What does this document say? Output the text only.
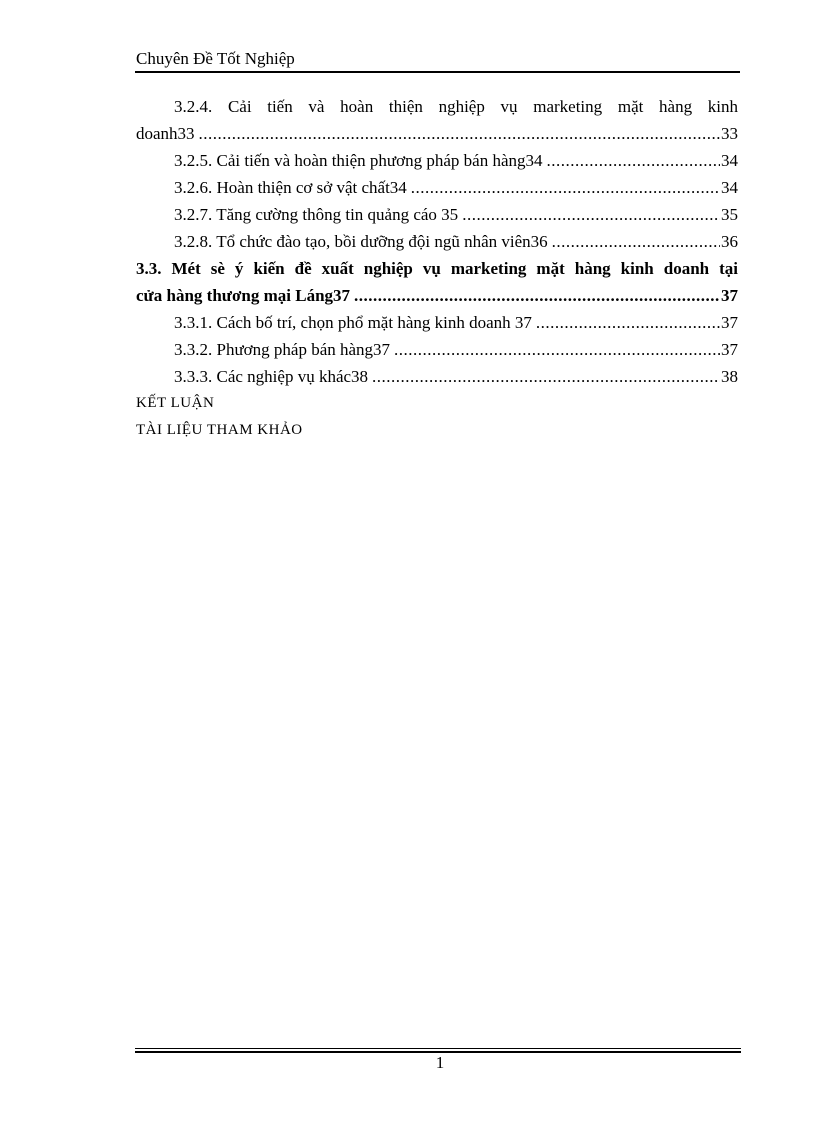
Chuyên Đề Tốt Nghiệp
3.2.4. Cải tiến và hoàn thiện nghiệp vụ marketing mặt hàng kinh
doanh33 .....	33
3.2.5. Cải tiến và hoàn thiện phương pháp bán hàng34 .....	34
3.2.6. Hoàn thiện cơ sở vật chất34 .....	34
3.2.7. Tăng cường thông tin quảng cáo 35 .....	35
3.2.8. Tổ chức đào tạo, bồi dưỡng đội ngũ nhân viên36 .....	36
3.3. Mét sè ý kiến đề xuất nghiệp vụ marketing mặt hàng kinh doanh tại
cửa hàng thương mại Láng37 .....	37
3.3.1. Cách bố trí, chọn phổ mặt hàng kinh doanh 37 .....	37
3.3.2. Phương pháp bán hàng37 .....	37
3.3.3. Các nghiệp vụ khác38 .....	38
KẾT LUẬN
TÀI LIỆU THAM KHẢO
1
